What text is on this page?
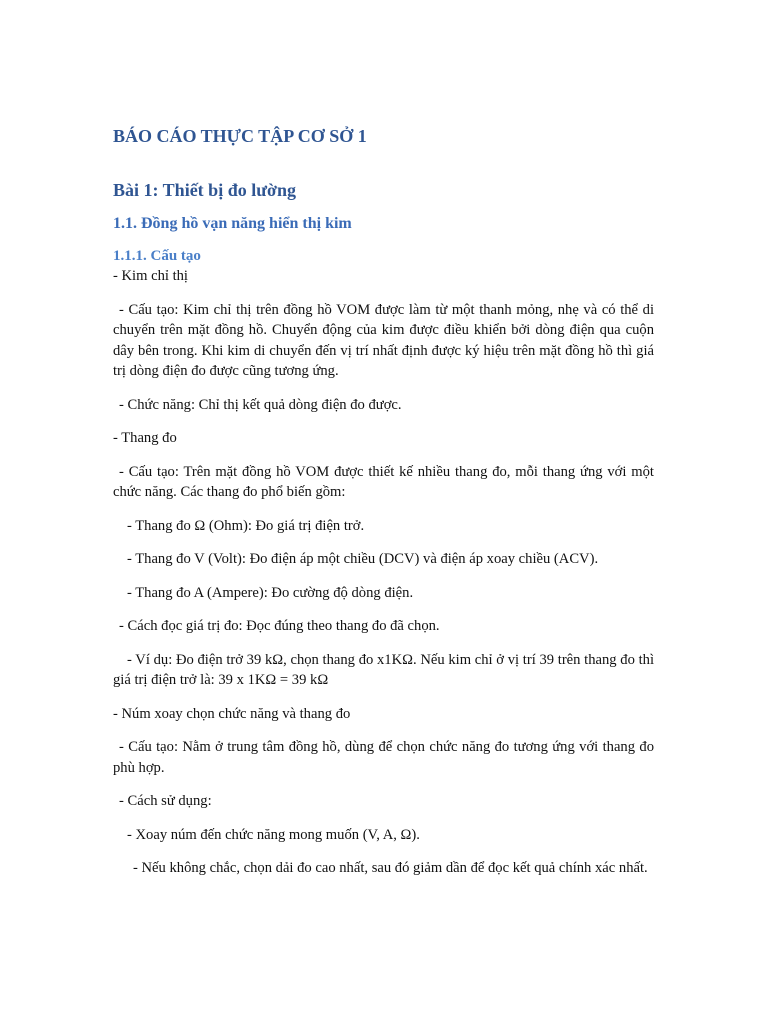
BÁO CÁO THỰC TẬP CƠ SỞ 1
Bài 1: Thiết bị đo lường
1.1. Đồng hồ vạn năng hiển thị kim
1.1.1. Cấu tạo

- Kim chỉ thị

- Cấu tạo: Kim chỉ thị trên đồng hồ VOM được làm từ một thanh mỏng, nhẹ và có thể di chuyển trên mặt đồng hồ. Chuyển động của kim được điều khiển bởi dòng điện qua cuộn dây bên trong. Khi kim di chuyển đến vị trí nhất định được ký hiệu trên mặt đồng hồ thì giá trị dòng điện đo được cũng tương ứng.

- Chức năng: Chỉ thị kết quả dòng điện đo được.

- Thang đo

- Cấu tạo: Trên mặt đồng hồ VOM được thiết kế nhiều thang đo, mỗi thang ứng với một chức năng. Các thang đo phổ biến gồm:

- Thang đo Ω (Ohm): Đo giá trị điện trở.

- Thang đo V (Volt): Đo điện áp một chiều (DCV) và điện áp xoay chiều (ACV).

- Thang đo A (Ampere): Đo cường độ dòng điện.

- Cách đọc giá trị đo: Đọc đúng theo thang đo đã chọn.

- Ví dụ: Đo điện trở 39 kΩ, chọn thang đo x1KΩ. Nếu kim chỉ ở vị trí 39 trên thang đo thì giá trị điện trở là: 39 x 1KΩ = 39 kΩ

- Núm xoay chọn chức năng và thang đo

- Cấu tạo: Nằm ở trung tâm đồng hồ, dùng để chọn chức năng đo tương ứng với thang đo phù hợp.

- Cách sử dụng:

- Xoay núm đến chức năng mong muốn (V, A, Ω).

- Nếu không chắc, chọn dải đo cao nhất, sau đó giảm dần để đọc kết quả chính xác nhất.
